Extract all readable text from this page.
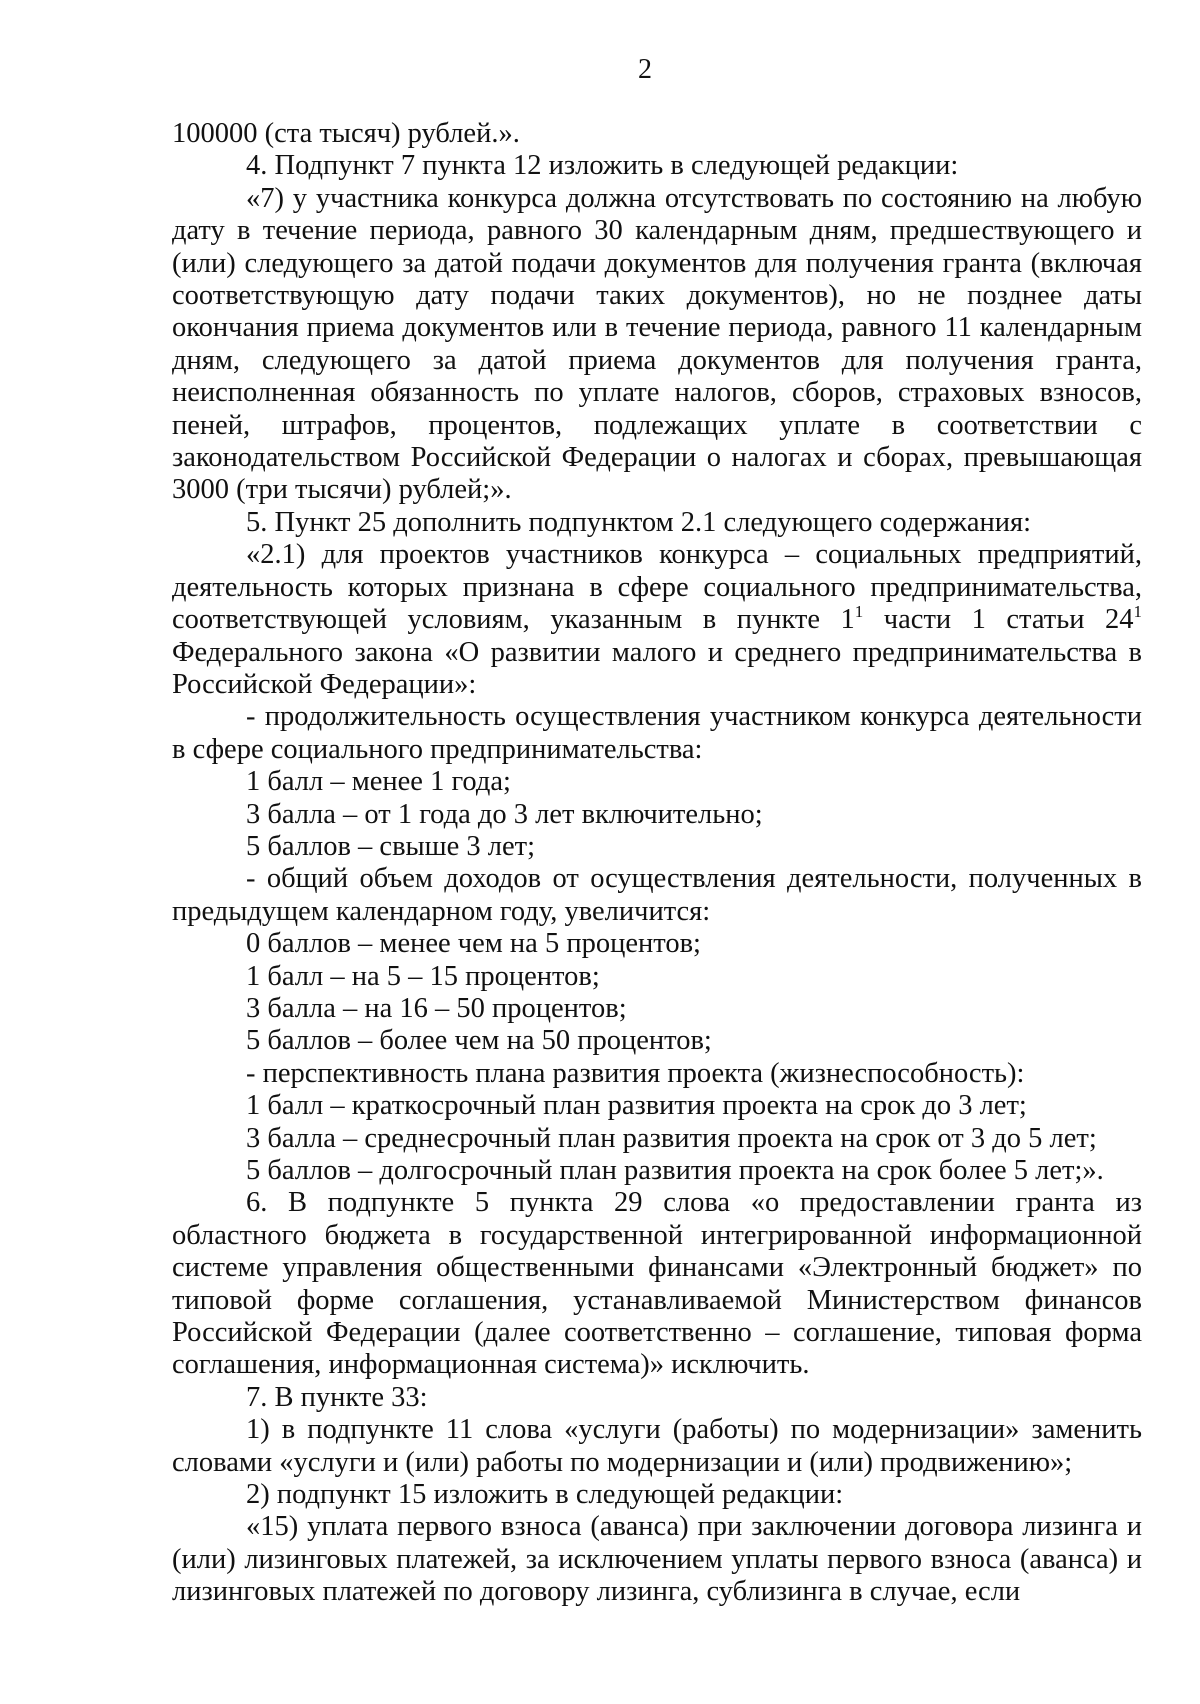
2

100000 (ста тысяч) рублей.».

4. Подпункт 7 пункта 12 изложить в следующей редакции:

«7) у участника конкурса должна отсутствовать по состоянию на любую дату в течение периода, равного 30 календарным дням, предшествующего и (или) следующего за датой подачи документов для получения гранта (включая соответствующую дату подачи таких документов), но не позднее даты окончания приема документов или в течение периода, равного 11 календарным дням, следующего за датой приема документов для получения гранта, неисполненная обязанность по уплате налогов, сборов, страховых взносов, пеней, штрафов, процентов, подлежащих уплате в соответствии с законодательством Российской Федерации о налогах и сборах, превышающая 3000 (три тысячи) рублей;».

5. Пункт 25 дополнить подпунктом 2.1 следующего содержания:

«2.1) для проектов участников конкурса – социальных предприятий, деятельность которых признана в сфере социального предпринимательства, соответствующей условиям, указанным в пункте $1^1$ части 1 статьи $24^1$ Федерального закона «О развитии малого и среднего предпринимательства в Российской Федерации»:

- продолжительность осуществления участником конкурса деятельности в сфере социального предпринимательства:

1 балл – менее 1 года;

3 балла – от 1 года до 3 лет включительно;

5 баллов – свыше 3 лет;

- общий объем доходов от осуществления деятельности, полученных в предыдущем календарном году, увеличится:

0 баллов – менее чем на 5 процентов;

1 балл – на 5 – 15 процентов;

3 балла – на 16 – 50 процентов;

5 баллов – более чем на 50 процентов;

- перспективность плана развития проекта (жизнеспособность):

1 балл – краткосрочный план развития проекта на срок до 3 лет;

3 балла – среднесрочный план развития проекта на срок от 3 до 5 лет;

5 баллов – долгосрочный план развития проекта на срок более 5 лет;».

6. В подпункте 5 пункта 29 слова «о предоставлении гранта из областного бюджета в государственной интегрированной информационной системе управления общественными финансами «Электронный бюджет» по типовой форме соглашения, устанавливаемой Министерством финансов Российской Федерации (далее соответственно – соглашение, типовая форма соглашения, информационная система)» исключить.

7. В пункте 33:

1) в подпункте 11 слова «услуги (работы) по модернизации» заменить словами «услуги и (или) работы по модернизации и (или) продвижению»;

2) подпункт 15 изложить в следующей редакции:

«15) уплата первого взноса (аванса) при заключении договора лизинга и (или) лизинговых платежей, за исключением уплаты первого взноса (аванса) и лизинговых платежей по договору лизинга, сублизинга в случае, если
